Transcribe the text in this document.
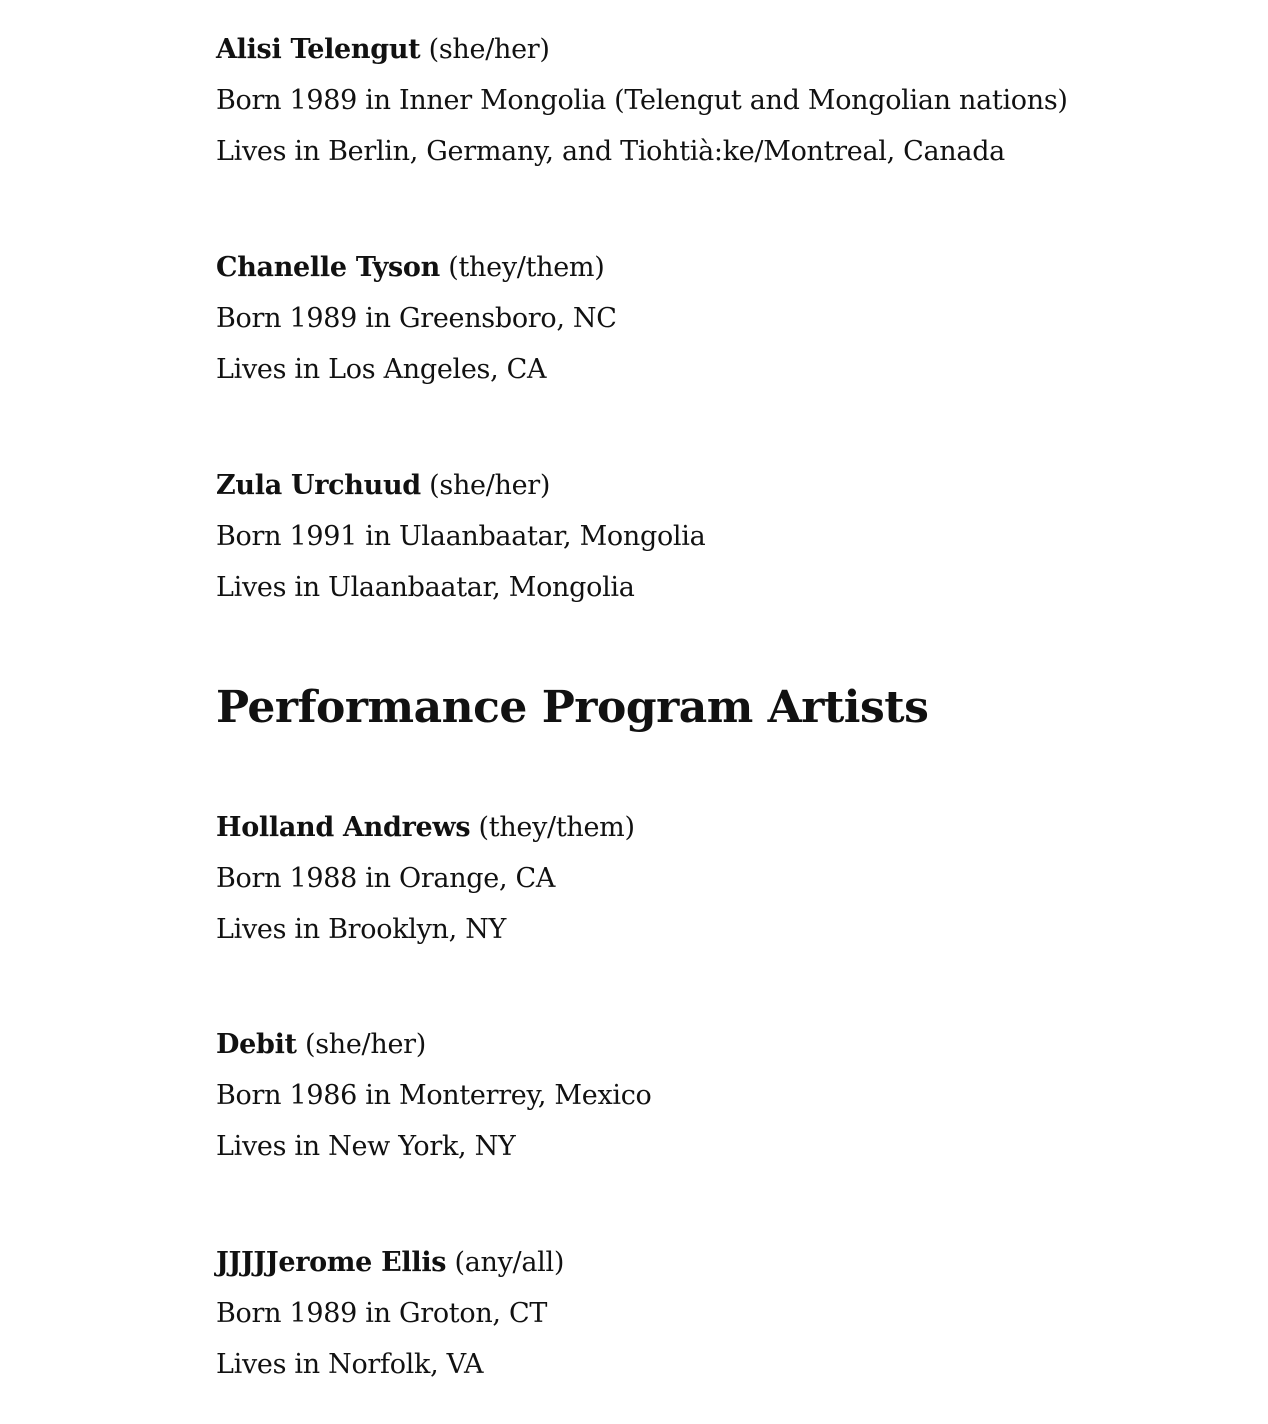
Alisi Telengut (she/her)
Born 1989 in Inner Mongolia (Telengut and Mongolian nations)
Lives in Berlin, Germany, and Tiohtià:ke/Montreal, Canada
Chanelle Tyson (they/them)
Born 1989 in Greensboro, NC
Lives in Los Angeles, CA
Zula Urchuud (she/her)
Born 1991 in Ulaanbaatar, Mongolia
Lives in Ulaanbaatar, Mongolia
Performance Program Artists
Holland Andrews (they/them)
Born 1988 in Orange, CA
Lives in Brooklyn, NY
Debit (she/her)
Born 1986 in Monterrey, Mexico
Lives in New York, NY
JJJJJerome Ellis (any/all)
Born 1989 in Groton, CT
Lives in Norfolk, VA
